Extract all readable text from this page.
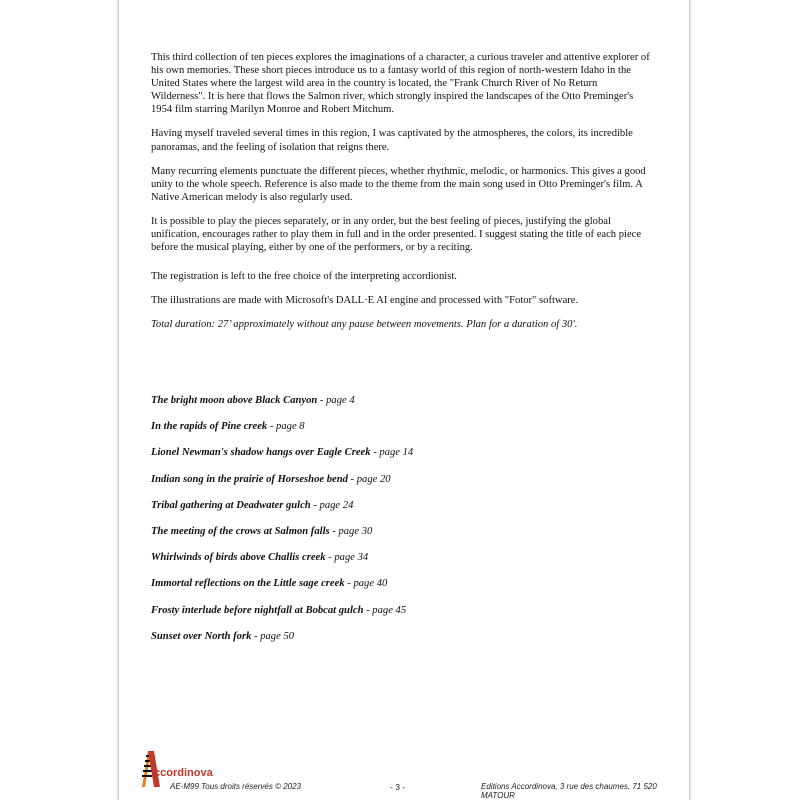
This third collection of ten pieces explores the imaginations of a character, a curious traveler and attentive explorer of his own memories. These short pieces introduce us to a fantasy world of this region of north-western Idaho in the United States where the largest wild area in the country is located, the "Frank Church River of No Return Wilderness". It is here that flows the Salmon river, which strongly inspired the landscapes of the Otto Preminger's 1954 film starring Marilyn Monroe and Robert Mitchum.

Having myself traveled several times in this region, I was captivated by the atmospheres, the colors, its incredible panoramas, and the feeling of isolation that reigns there.

Many recurring elements punctuate the different pieces, whether rhythmic, melodic, or harmonics. This gives a good unity to the whole speech. Reference is also made to the theme from the main song used in Otto Preminger's film. A Native American melody is also regularly used.

It is possible to play the pieces separately, or in any order, but the best feeling of pieces, justifying the global unification, encourages rather to play them in full and in the order presented. I suggest stating the title of each piece before the musical playing, either by one of the performers, or by a reciting.

The registration is left to the free choice of the interpreting accordionist.

The illustrations are made with Microsoft's DALL·E AI engine and processed with "Fotor" software.

Total duration: 27’ approximately without any pause between movements. Plan for a duration of 30'.

The bright moon above Black Canyon - page 4
In the rapids of Pine creek - page 8
Lionel Newman's shadow hangs over Eagle Creek - page 14
Indian song in the prairie of Horseshoe bend - page 20
Tribal gathering at Deadwater gulch - page 24
The meeting of the crows at Salmon falls - page 30
Whirlwinds of birds above Challis creek - page 34
Immortal reflections on the Little sage creek - page 40
Frosty interlude before nightfall at Bobcat gulch - page 45
Sunset over North fork - page 50
ccordinova
AE-M99 Tous droits réservés © 2023	- 3 -	Editions Accordinova, 3 rue des chaumes, 71 520 MATOUR
